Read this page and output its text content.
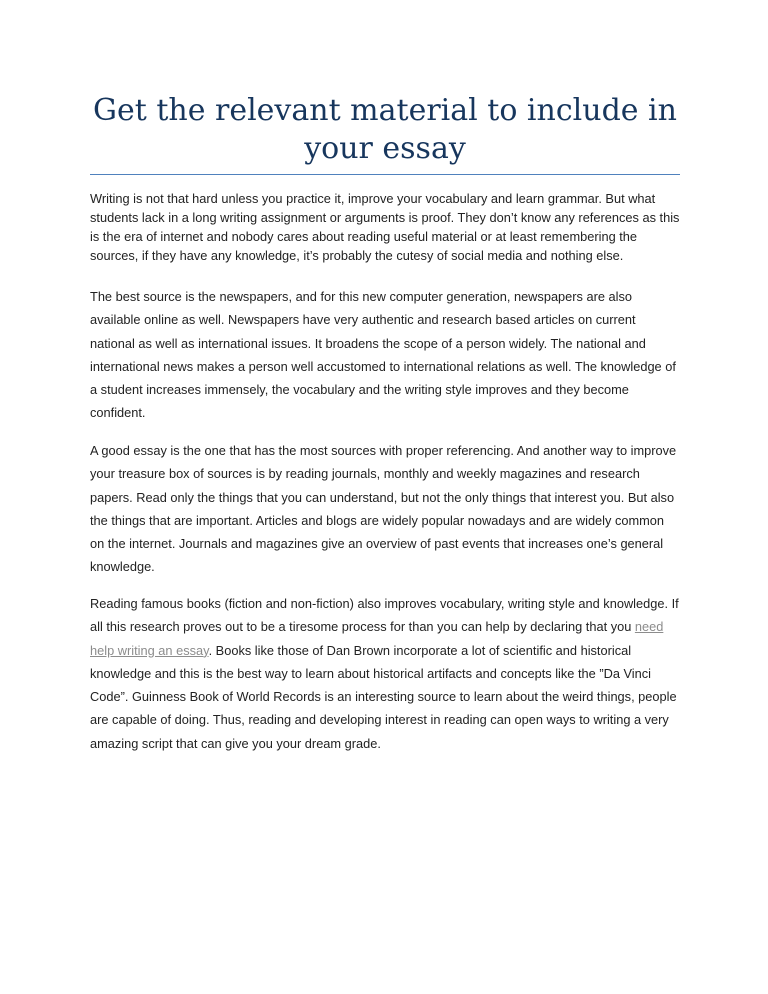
Get the relevant material to include in your essay

Writing is not that hard unless you practice it, improve your vocabulary and learn grammar. But what students lack in a long writing assignment or arguments is proof. They don’t know any references as this is the era of internet and nobody cares about reading useful material or at least remembering the sources, if they have any knowledge, it’s probably the cutesy of social media and nothing else.

The best source is the newspapers, and for this new computer generation, newspapers are also available online as well. Newspapers have very authentic and research based articles on current national as well as international issues. It broadens the scope of a person widely. The national and international news makes a person well accustomed to international relations as well. The knowledge of a student increases immensely, the vocabulary and the writing style improves and they become confident.

A good essay is the one that has the most sources with proper referencing. And another way to improve your treasure box of sources is by reading journals, monthly and weekly magazines and research papers. Read only the things that you can understand, but not the only things that interest you. But also the things that are important. Articles and blogs are widely popular nowadays and are widely common on the internet. Journals and magazines give an overview of past events that increases one’s general knowledge.

Reading famous books (fiction and non-fiction) also improves vocabulary, writing style and knowledge. If all this research proves out to be a tiresome process for than you can help by declaring that you need help writing an essay. Books like those of Dan Brown incorporate a lot of scientific and historical knowledge and this is the best way to learn about historical artifacts and concepts like the ”Da Vinci Code”. Guinness Book of World Records is an interesting source to learn about the weird things, people are capable of doing. Thus, reading and developing interest in reading can open ways to writing a very amazing script that can give you your dream grade.
